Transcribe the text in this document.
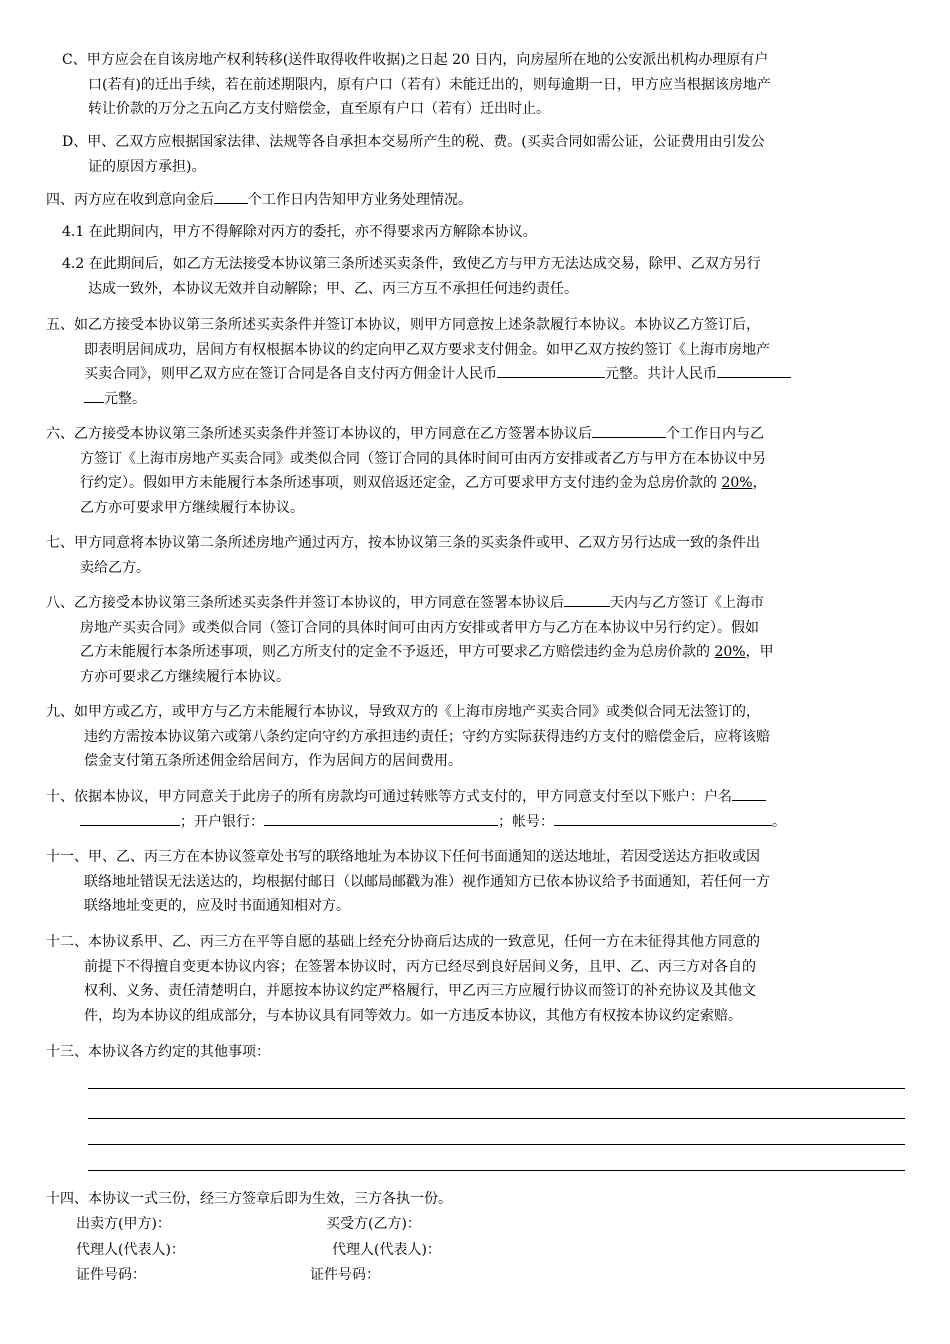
C、甲方应会在自该房地产权利转移(送件取得收件收据)之日起 20 日内，向房屋所在地的公安派出机构办理原有户
口(若有)的迁出手续，若在前述期限内，原有户口（若有）未能迁出的，则每逾期一日，甲方应当根据该房地产
转让价款的万分之五向乙方支付赔偿金，直至原有户口（若有）迁出时止。
D、甲、乙双方应根据国家法律、法规等各自承担本交易所产生的税、费。(买卖合同如需公证，公证费用由引发公
证的原因方承担)。
四、丙方应在收到意向金后 个工作日内告知甲方业务处理情况。
4.1 在此期间内，甲方不得解除对丙方的委托，亦不得要求丙方解除本协议。
4.2 在此期间后，如乙方无法接受本协议第三条所述买卖条件，致使乙方与甲方无法达成交易，除甲、乙双方另行
达成一致外，本协议无效并自动解除；甲、乙、丙三方互不承担任何违约责任。
五、如乙方接受本协议第三条所述买卖条件并签订本协议，则甲方同意按上述条款履行本协议。本协议乙方签订后，
即表明居间成功，居间方有权根据本协议的约定向甲乙双方要求支付佣金。如甲乙双方按约签订《上海市房地产
买卖合同》，则甲乙双方应在签订合同是各自支付丙方佣金计人民币	元整。共计人民币
元整。
六、乙方接受本协议第三条所述买卖条件并签订本协议的，甲方同意在乙方签署本协议后	个工作日内与乙
方签订《上海市房地产买卖合同》或类似合同（签订合同的具体时间可由丙方安排或者乙方与甲方在本协议中另
行约定）。假如甲方未能履行本条所述事项，则双倍返还定金，乙方可要求甲方支付违约金为总房价款的 20%，
乙方亦可要求甲方继续履行本协议。
七、甲方同意将本协议第二条所述房地产通过丙方，按本协议第三条的买卖条件或甲、乙双方另行达成一致的条件出
卖给乙方。
八、乙方接受本协议第三条所述买卖条件并签订本协议的，甲方同意在签署本协议后	天内与乙方签订《上海市
房地产买卖合同》或类似合同（签订合同的具体时间可由丙方安排或者甲方与乙方在本协议中另行约定）。假如
乙方未能履行本条所述事项，则乙方所支付的定金不予返还，甲方可要求乙方赔偿违约金为总房价款的 20%，甲
方亦可要求乙方继续履行本协议。
九、如甲方或乙方，或甲方与乙方未能履行本协议，导致双方的《上海市房地产买卖合同》或类似合同无法签订的，
违约方需按本协议第六或第八条约定向守约方承担违约责任；守约方实际获得违约方支付的赔偿金后，应将该赔
偿金支付第五条所述佣金给居间方，作为居间方的居间费用。
十、依据本协议，甲方同意关于此房子的所有房款均可通过转账等方式支付的，甲方同意支付至以下账户：户名
；开户银行：	；帐号：	。
十一、甲、乙、丙三方在本协议签章处书写的联络地址为本协议下任何书面通知的送达地址，若因受送达方拒收或因
联络地址错误无法送达的，均根据付邮日（以邮局邮戳为准）视作通知方已依本协议给予书面通知，若任何一方
联络地址变更的，应及时书面通知相对方。
十二、本协议系甲、乙、丙三方在平等自愿的基础上经充分协商后达成的一致意见，任何一方在未征得其他方同意的
前提下不得擅自变更本协议内容；在签署本协议时，丙方已经尽到良好居间义务，且甲、乙、丙三方对各自的
权利、义务、责任清楚明白，并愿按本协议约定严格履行，甲乙丙三方应履行协议而签订的补充协议及其他文
件，均为本协议的组成部分，与本协议具有同等效力。如一方违反本协议，其他方有权按本协议约定索赔。
十三、本协议各方约定的其他事项：
十四、本协议一式三份，经三方签章后即为生效，三方各执一份。
出卖方(甲方)：	买受方(乙方)：
代理人(代表人)：	代理人(代表人)：
证件号码：	证件号码：
